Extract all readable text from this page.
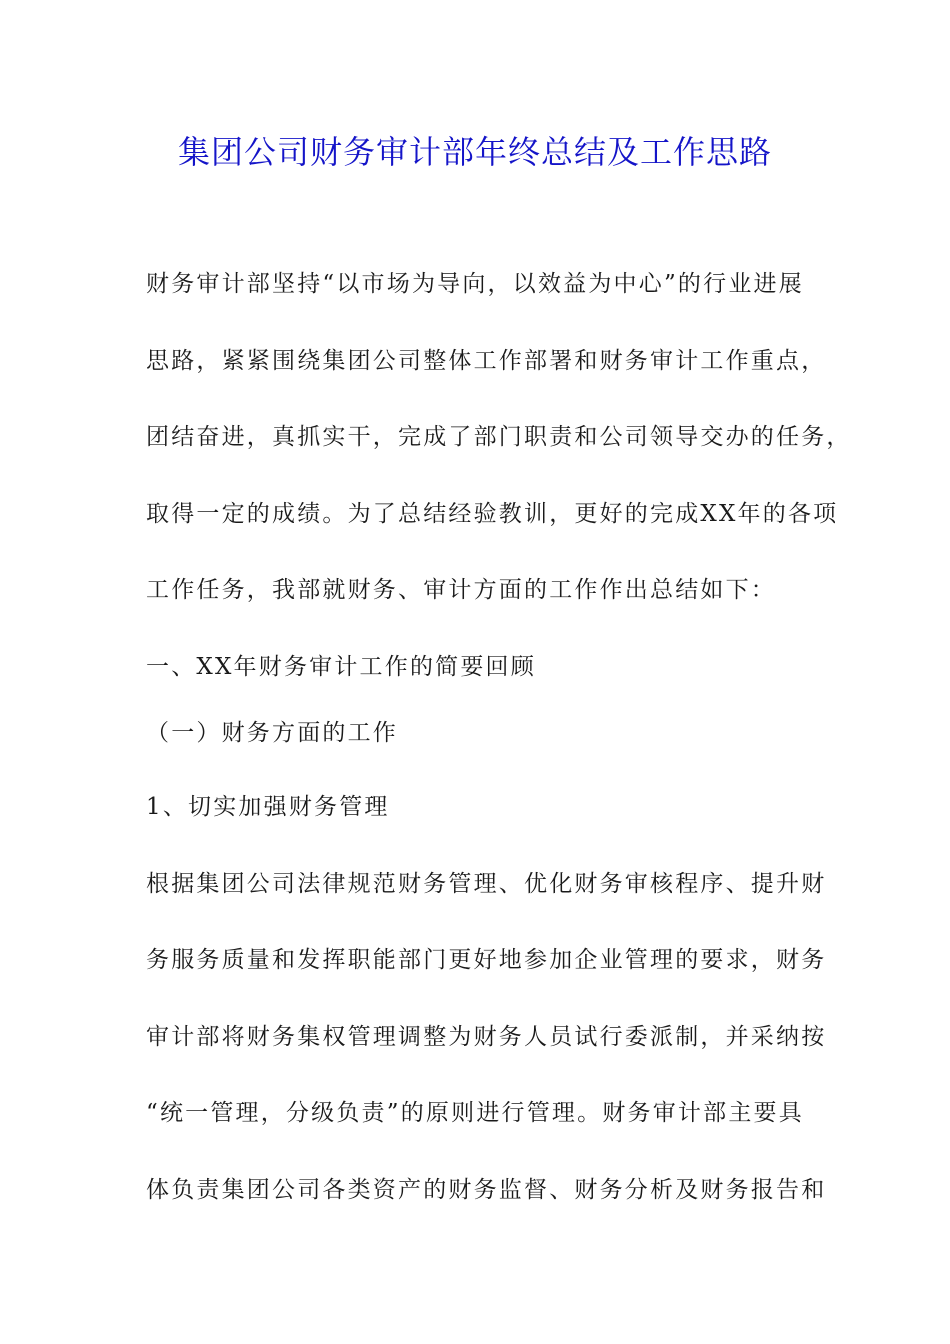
集团公司财务审计部年终总结及工作思路

财务审计部坚持“以市场为导向，以效益为中心”的行业进展

思路，紧紧围绕集团公司整体工作部署和财务审计工作重点，

团结奋进，真抓实干，完成了部门职责和公司领导交办的任务，

取得一定的成绩。为了总结经验教训，更好的完成XX年的各项

工作任务，我部就财务、审计方面的工作作出总结如下：

一、XX年财务审计工作的简要回顾

（一）财务方面的工作

1、切实加强财务管理

根据集团公司法律规范财务管理、优化财务审核程序、提升财

务服务质量和发挥职能部门更好地参加企业管理的要求，财务

审计部将财务集权管理调整为财务人员试行委派制，并采纳按

“统一管理，分级负责”的原则进行管理。财务审计部主要具

体负责集团公司各类资产的财务监督、财务分析及财务报告和
